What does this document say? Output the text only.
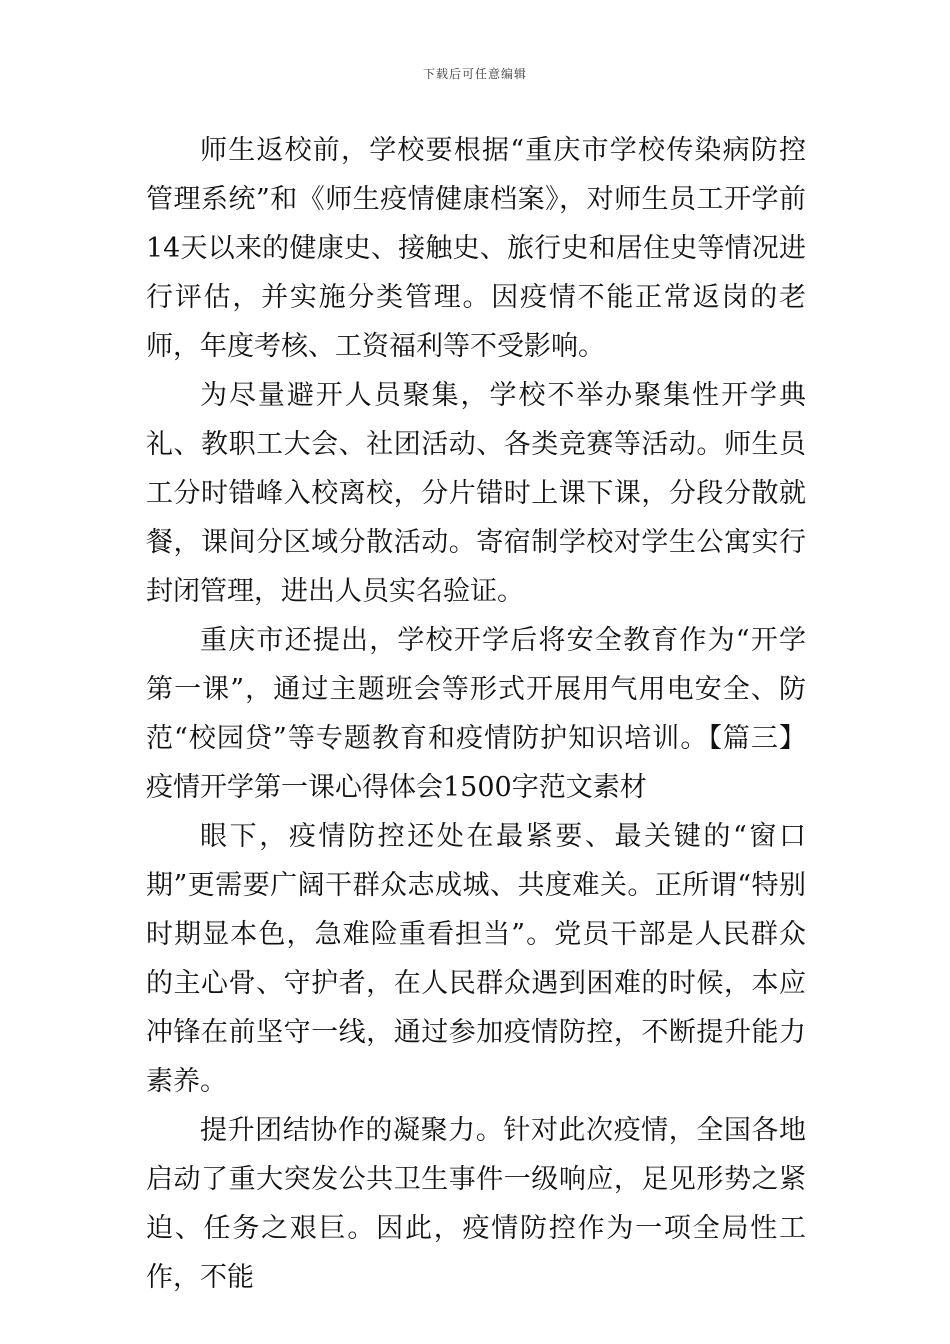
下载后可任意编辑

师生返校前，学校要根据“重庆市学校传染病防控管理系统”和《师生疫情健康档案》，对师生员工开学前14天以来的健康史、接触史、旅行史和居住史等情况进行评估，并实施分类管理。因疫情不能正常返岗的老师，年度考核、工资福利等不受影响。

为尽量避开人员聚集，学校不举办聚集性开学典礼、教职工大会、社团活动、各类竞赛等活动。师生员工分时错峰入校离校，分片错时上课下课，分段分散就餐，课间分区域分散活动。寄宿制学校对学生公寓实行封闭管理，进出人员实名验证。

重庆市还提出，学校开学后将安全教育作为“开学第一课”，通过主题班会等形式开展用气用电安全、防范“校园贷”等专题教育和疫情防护知识培训。【篇三】疫情开学第一课心得体会1500字范文素材

眼下，疫情防控还处在最紧要、最关键的“窗口期”更需要广阔干群众志成城、共度难关。正所谓“特别时期显本色，急难险重看担当”。党员干部是人民群众的主心骨、守护者，在人民群众遇到困难的时候，本应冲锋在前坚守一线，通过参加疫情防控，不断提升能力素养。

提升团结协作的凝聚力。针对此次疫情，全国各地启动了重大突发公共卫生事件一级响应，足见形势之紧迫、任务之艰巨。因此，疫情防控作为一项全局性工作，不能
